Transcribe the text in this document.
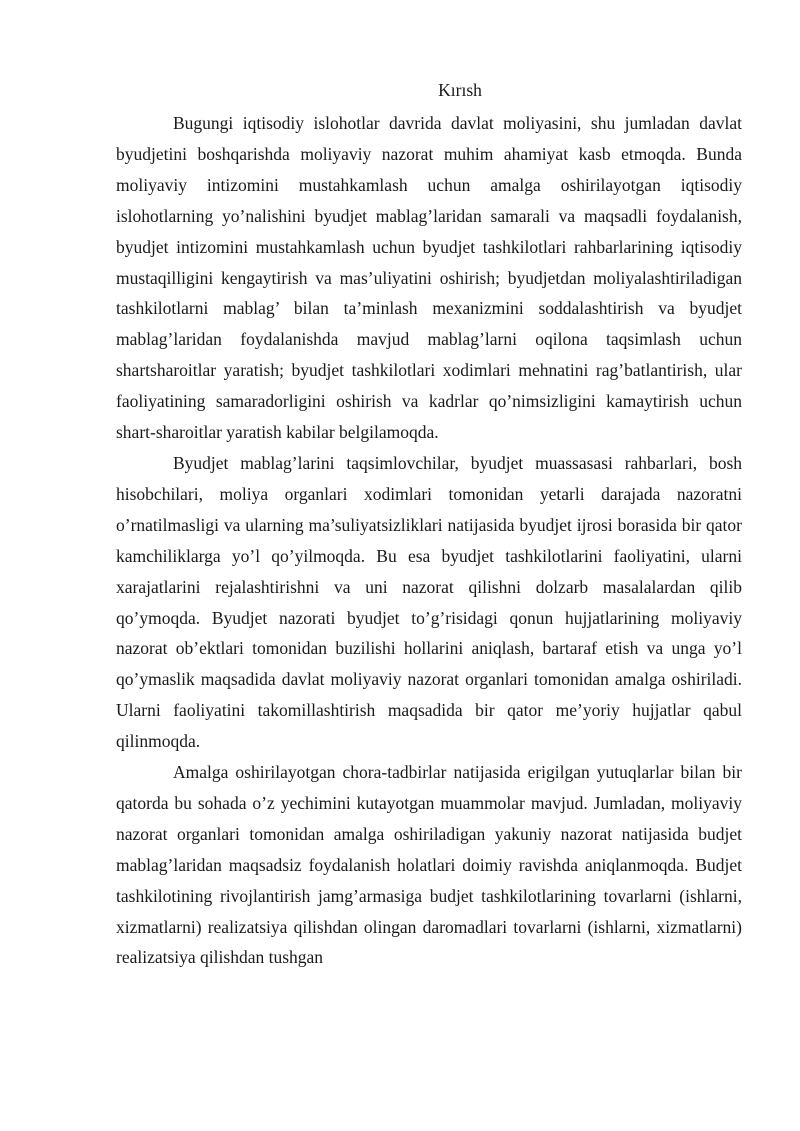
Kırısh

Bugungi iqtisodiy islohotlar davrida davlat moliyasini, shu jumladan davlat byudjetini boshqarishda moliyaviy nazorat muhim ahamiyat kasb etmoqda. Bunda moliyaviy intizomini mustahkamlash uchun amalga oshirilayotgan iqtisodiy islohotlarning yo’nalishini byudjet mablag’laridan samarali va maqsadli foydalanish, byudjet intizomini mustahkamlash uchun byudjet tashkilotlari rahbarlarining iqtisodiy mustaqilligini kengaytirish va mas’uliyatini oshirish; byudjetdan moliyalashtiriladigan tashkilotlarni mablag’ bilan ta’minlash mexanizmini soddalashtirish va byudjet mablag’laridan foydalanishda mavjud mablag’larni oqilona taqsimlash uchun shartsharoitlar yaratish; byudjet tashkilotlari xodimlari mehnatini rag’batlantirish, ular faoliyatining samaradorligini oshirish va kadrlar qo’nimsizligini kamaytirish uchun shart-sharoitlar yaratish kabilar belgilamoqda.

Byudjet mablag’larini taqsimlovchilar, byudjet muassasasi rahbarlari, bosh hisobchilari, moliya organlari xodimlari tomonidan yetarli darajada nazoratni o’rnatilmasligi va ularning ma’suliyatsizliklari natijasida byudjet ijrosi borasida bir qator kamchiliklarga yo’l qo’yilmoqda. Bu esa byudjet tashkilotlarini faoliyatini, ularni xarajatlarini rejalashtirishni va uni nazorat qilishni dolzarb masalalardan qilib qo’ymoqda. Byudjet nazorati byudjet to’g’risidagi qonun hujjatlarining moliyaviy nazorat ob’ektlari tomonidan buzilishi hollarini aniqlash, bartaraf etish va unga yo’l qo’ymaslik maqsadida davlat moliyaviy nazorat organlari tomonidan amalga oshiriladi. Ularni faoliyatini takomillashtirish maqsadida bir qator me’yoriy hujjatlar qabul qilinmoqda.

Amalga oshirilayotgan chora-tadbirlar natijasida erigilgan yutuqlarlar bilan bir qatorda bu sohada o’z yechimini kutayotgan muammolar mavjud. Jumladan, moliyaviy nazorat organlari tomonidan amalga oshiriladigan yakuniy nazorat natijasida budjet mablag’laridan maqsadsiz foydalanish holatlari doimiy ravishda aniqlanmoqda. Budjet tashkilotining rivojlantirish jamg’armasiga budjet tashkilotlarining tovarlarni (ishlarni, xizmatlarni) realizatsiya qilishdan olingan daromadlari tovarlarni (ishlarni, xizmatlarni) realizatsiya qilishdan tushgan
